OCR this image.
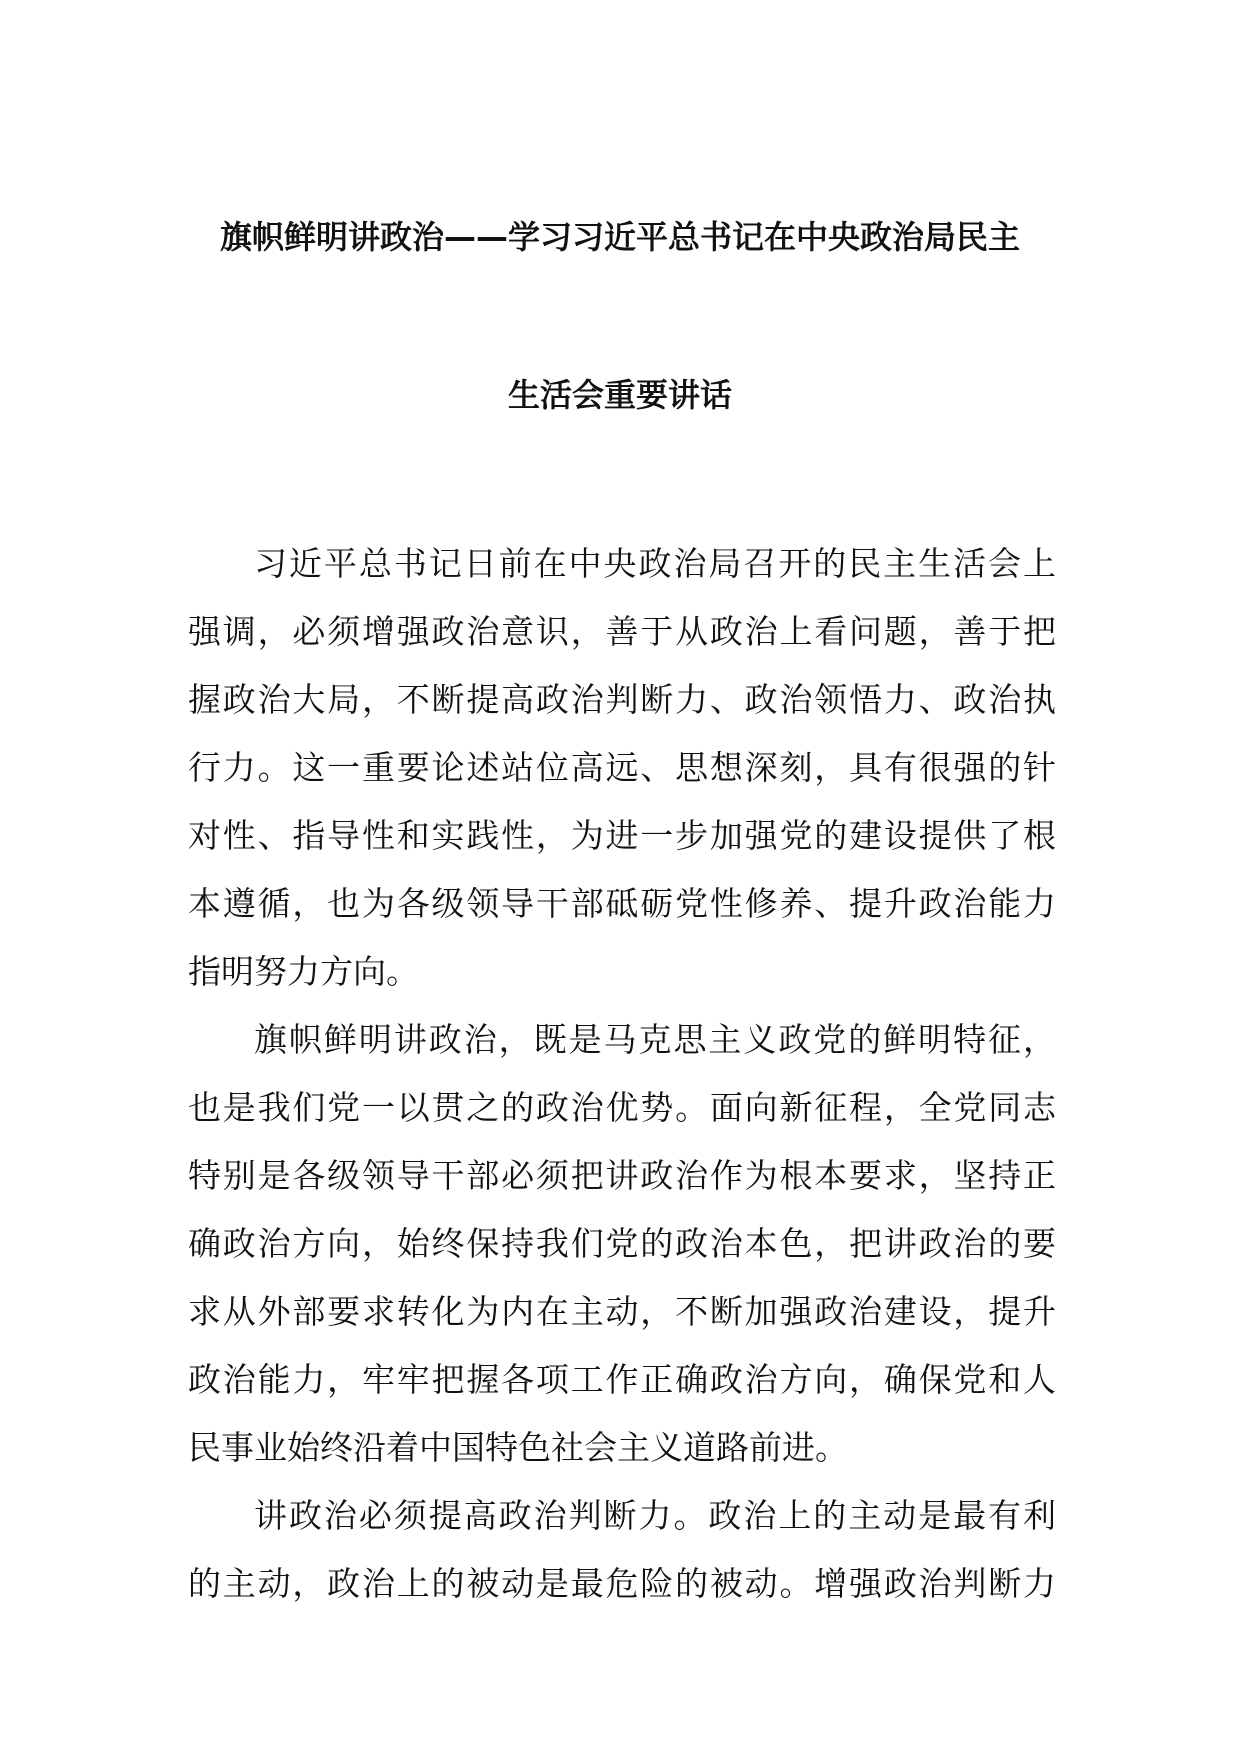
旗帜鲜明讲政治——学习习近平总书记在中央政治局民主
生活会重要讲话
习近平总书记日前在中央政治局召开的民主生活会上
强调，必须增强政治意识，善于从政治上看问题，善于把
握政治大局，不断提高政治判断力、政治领悟力、政治执
行力。这一重要论述站位高远、思想深刻，具有很强的针
对性、指导性和实践性，为进一步加强党的建设提供了根
本遵循，也为各级领导干部砥砺党性修养、提升政治能力
指明努力方向。
旗帜鲜明讲政治，既是马克思主义政党的鲜明特征，
也是我们党一以贯之的政治优势。面向新征程，全党同志
特别是各级领导干部必须把讲政治作为根本要求，坚持正
确政治方向，始终保持我们党的政治本色，把讲政治的要
求从外部要求转化为内在主动，不断加强政治建设，提升
政治能力，牢牢把握各项工作正确政治方向，确保党和人
民事业始终沿着中国特色社会主义道路前进。
讲政治必须提高政治判断力。政治上的主动是最有利
的主动，政治上的被动是最危险的被动。增强政治判断力
